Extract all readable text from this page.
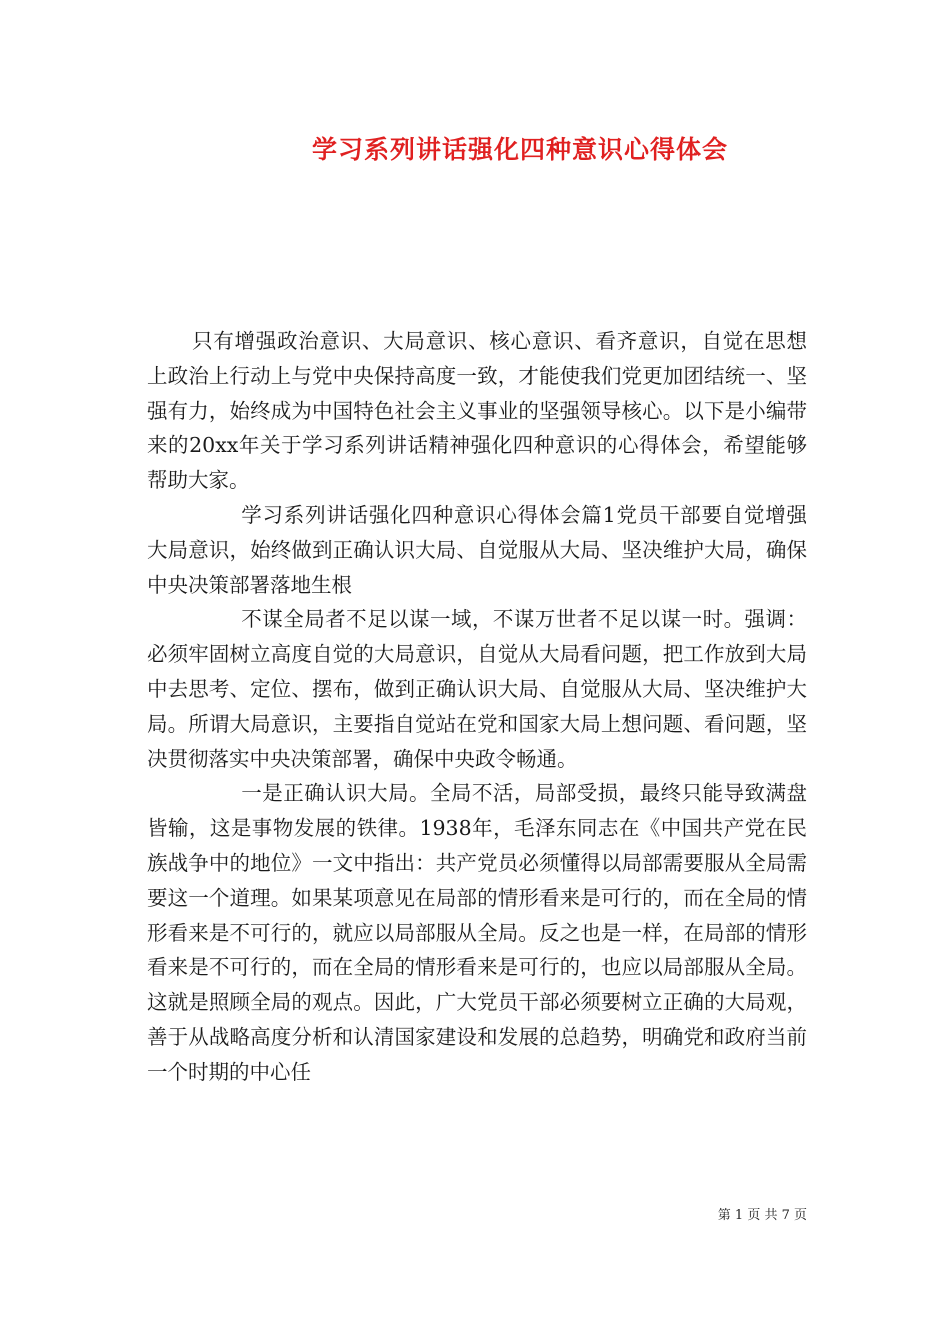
学习系列讲话强化四种意识心得体会

只有增强政治意识、大局意识、核心意识、看齐意识，自觉在思想上政治上行动上与党中央保持高度一致，才能使我们党更加团结统一、坚强有力，始终成为中国特色社会主义事业的坚强领导核心。以下是小编带来的20xx年关于学习系列讲话精神强化四种意识的心得体会，希望能够帮助大家。

学习系列讲话强化四种意识心得体会篇1党员干部要自觉增强大局意识，始终做到正确认识大局、自觉服从大局、坚决维护大局，确保中央决策部署落地生根

不谋全局者不足以谋一域，不谋万世者不足以谋一时。强调：必须牢固树立高度自觉的大局意识，自觉从大局看问题，把工作放到大局中去思考、定位、摆布，做到正确认识大局、自觉服从大局、坚决维护大局。所谓大局意识，主要指自觉站在党和国家大局上想问题、看问题，坚决贯彻落实中央决策部署，确保中央政令畅通。

一是正确认识大局。全局不活，局部受损，最终只能导致满盘皆输，这是事物发展的铁律。1938年，毛泽东同志在《中国共产党在民族战争中的地位》一文中指出：共产党员必须懂得以局部需要服从全局需要这一个道理。如果某项意见在局部的情形看来是可行的，而在全局的情形看来是不可行的，就应以局部服从全局。反之也是一样，在局部的情形看来是不可行的，而在全局的情形看来是可行的，也应以局部服从全局。这就是照顾全局的观点。因此，广大党员干部必须要树立正确的大局观，善于从战略高度分析和认清国家建设和发展的总趋势，明确党和政府当前一个时期的中心任

第 1 页 共 7 页
